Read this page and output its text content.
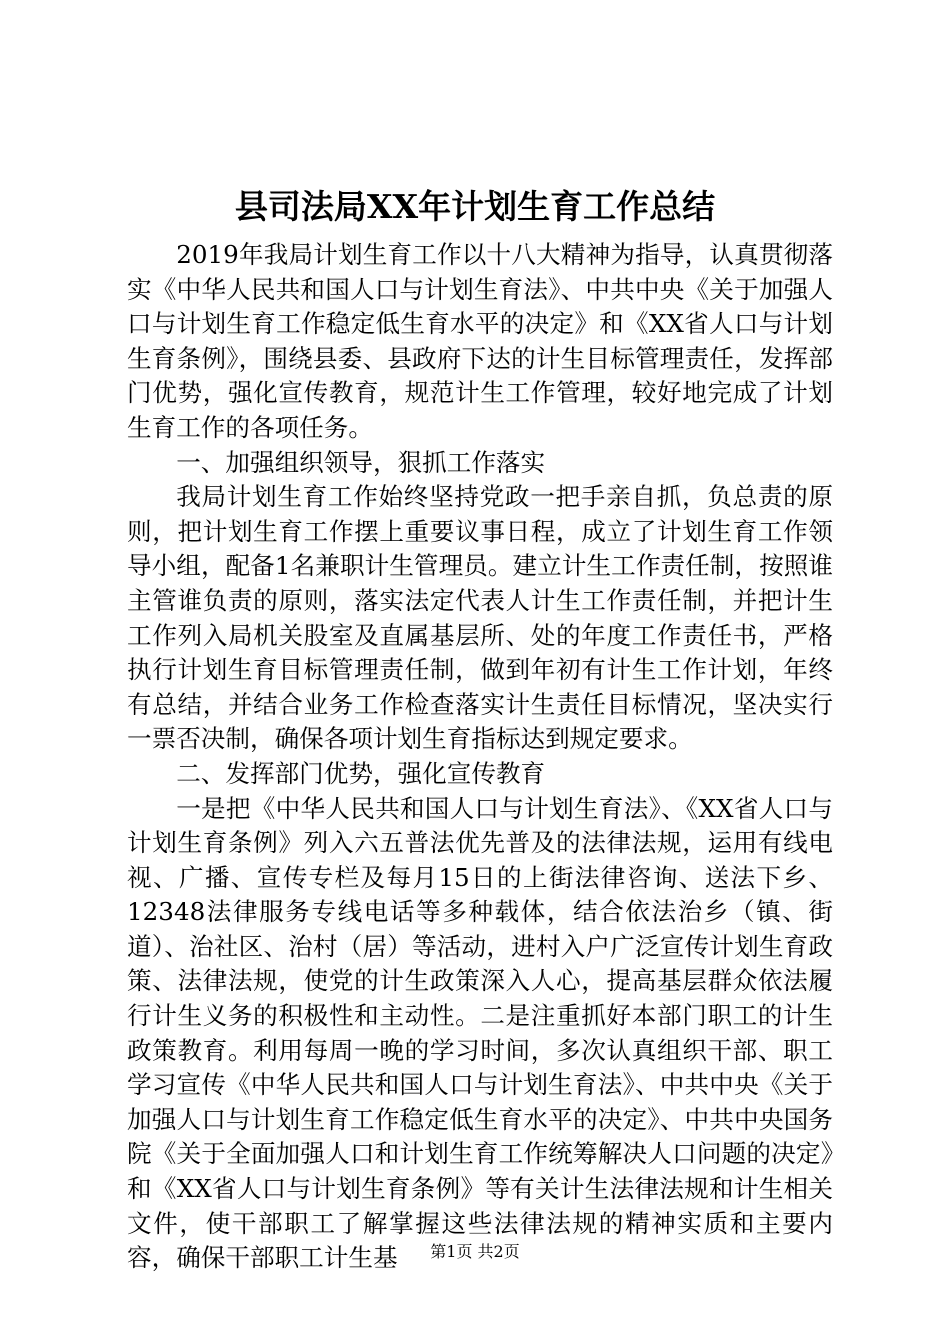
县司法局XX年计划生育工作总结

2019年我局计划生育工作以十八大精神为指导，认真贯彻落实《中华人民共和国人口与计划生育法》、中共中央《关于加强人口与计划生育工作稳定低生育水平的决定》和《XX省人口与计划生育条例》，围绕县委、县政府下达的计生目标管理责任，发挥部门优势，强化宣传教育，规范计生工作管理，较好地完成了计划生育工作的各项任务。

一、加强组织领导，狠抓工作落实

我局计划生育工作始终坚持党政一把手亲自抓，负总责的原则，把计划生育工作摆上重要议事日程，成立了计划生育工作领导小组，配备1名兼职计生管理员。建立计生工作责任制，按照谁主管谁负责的原则，落实法定代表人计生工作责任制，并把计生工作列入局机关股室及直属基层所、处的年度工作责任书，严格执行计划生育目标管理责任制，做到年初有计生工作计划，年终有总结，并结合业务工作检查落实计生责任目标情况，坚决实行一票否决制，确保各项计划生育指标达到规定要求。

二、发挥部门优势，强化宣传教育

一是把《中华人民共和国人口与计划生育法》、《XX省人口与计划生育条例》列入六五普法优先普及的法律法规，运用有线电视、广播、宣传专栏及每月15日的上街法律咨询、送法下乡、12348法律服务专线电话等多种载体，结合依法治乡（镇、街道）、治社区、治村（居）等活动，进村入户广泛宣传计划生育政策、法律法规，使党的计生政策深入人心，提高基层群众依法履行计生义务的积极性和主动性。二是注重抓好本部门职工的计生政策教育。利用每周一晚的学习时间，多次认真组织干部、职工学习宣传《中华人民共和国人口与计划生育法》、中共中央《关于加强人口与计划生育工作稳定低生育水平的决定》、中共中央国务院《关于全面加强人口和计划生育工作统筹解决人口问题的决定》和《XX省人口与计划生育条例》等有关计生法律法规和计生相关文件，使干部职工了解掌握这些法律法规的精神实质和主要内容，确保干部职工计生基	第1页 共2页
